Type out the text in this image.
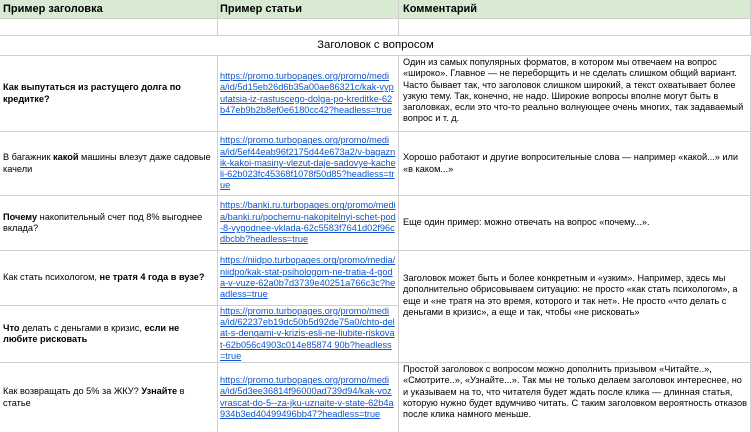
Пример заголовка	Пример статьи	Комментарий
Заголовок с вопросом
Как выпутаться из растущего долга по кредитке?
https://promo.turbopages.org/promo/media/id/5d15eb26d6b35a00ae86321c/kak-vyputatsia-iz-rastuscego-dolga-po-kreditke-62b47eb9b2b8ef0e6180cc42?headless=true
Один из самых популярных форматов, в котором мы отвечаем на вопрос «широко». Главное — не переборщить и не сделать слишком общий вариант. Часто бывает так, что заголовок слишком широкий, а текст охватывает более узкую тему. Так, конечно, не надо. Широкие вопросы вполне могут быть в заголовках, если это что-то реально волнующее очень многих, так задаваемый вопрос и т. д.
В багажник какой машины влезут даже садовые качели
https://promo.turbopages.org/promo/media/id/5ef44eab96f2175d44e673a2/v-bagaznik-kakoi-masiny-vlezut-daje-sadovye-kacheli-62b023fc45368f1078f50d85?headless=true
Хорошо работают и другие вопросительные слова — например «какой...» или «в каком...»
Почему накопительный счет под 8% выгоднее вклада?
https://banki.ru.turbopages.org/promo/media/banki.ru/pochemu-nakopitelnyi-schet-pod-8-vygodnee-vklada-62c5583f7641d02f96cdbcbb?headless=true
Еще один пример: можно отвечать на вопрос «почему...».
Как стать психологом, не тратя 4 года в вузе?
https://niidpo.turbopages.org/promo/media/niidpo/kak-stat-psihologom-ne-tratia-4-goda-v-vuze-62a0b7d3739e40251a766c3c?headless=true
Заголовок может быть и более конкретным и «узким». Например, здесь мы дополнительно обрисовываем ситуацию: не просто «как стать психологом», а еще и «не тратя на это время, которого и так нет». Не просто «что делать с деньгами в кризис», а еще и так, чтобы «не рисковать»
Что делать с деньгами в кризис, если не любите рисковать
https://promo.turbopages.org/promo/media/id/62237eb19dc50b5d92de75a0/chto-delat-s-dengami-v-krizis-esli-ne-liubite-riskovat-62b056c4903c014e85874 90b?headless=true
Как возвращать до 5% за ЖКУ? Узнайте в статье
https://promo.turbopages.org/promo/media/id/5d3ee36814f96000ad739d94/kak-vozvrascat-do-5--za-jku-uznaite-v-state-62b4a934b3ed40499496bb47?headless=true
Простой заголовок с вопросом можно дополнить призывом «Читайте..», «Смотрите..», «Узнайте...». Так мы не только делаем заголовок интереснее, но и указываем на то, что читателя будет ждать после клика — длинная статья, которую нужно будет вдумчиво читать. С таким заголовком вероятность отказов после клика намного меньше.
